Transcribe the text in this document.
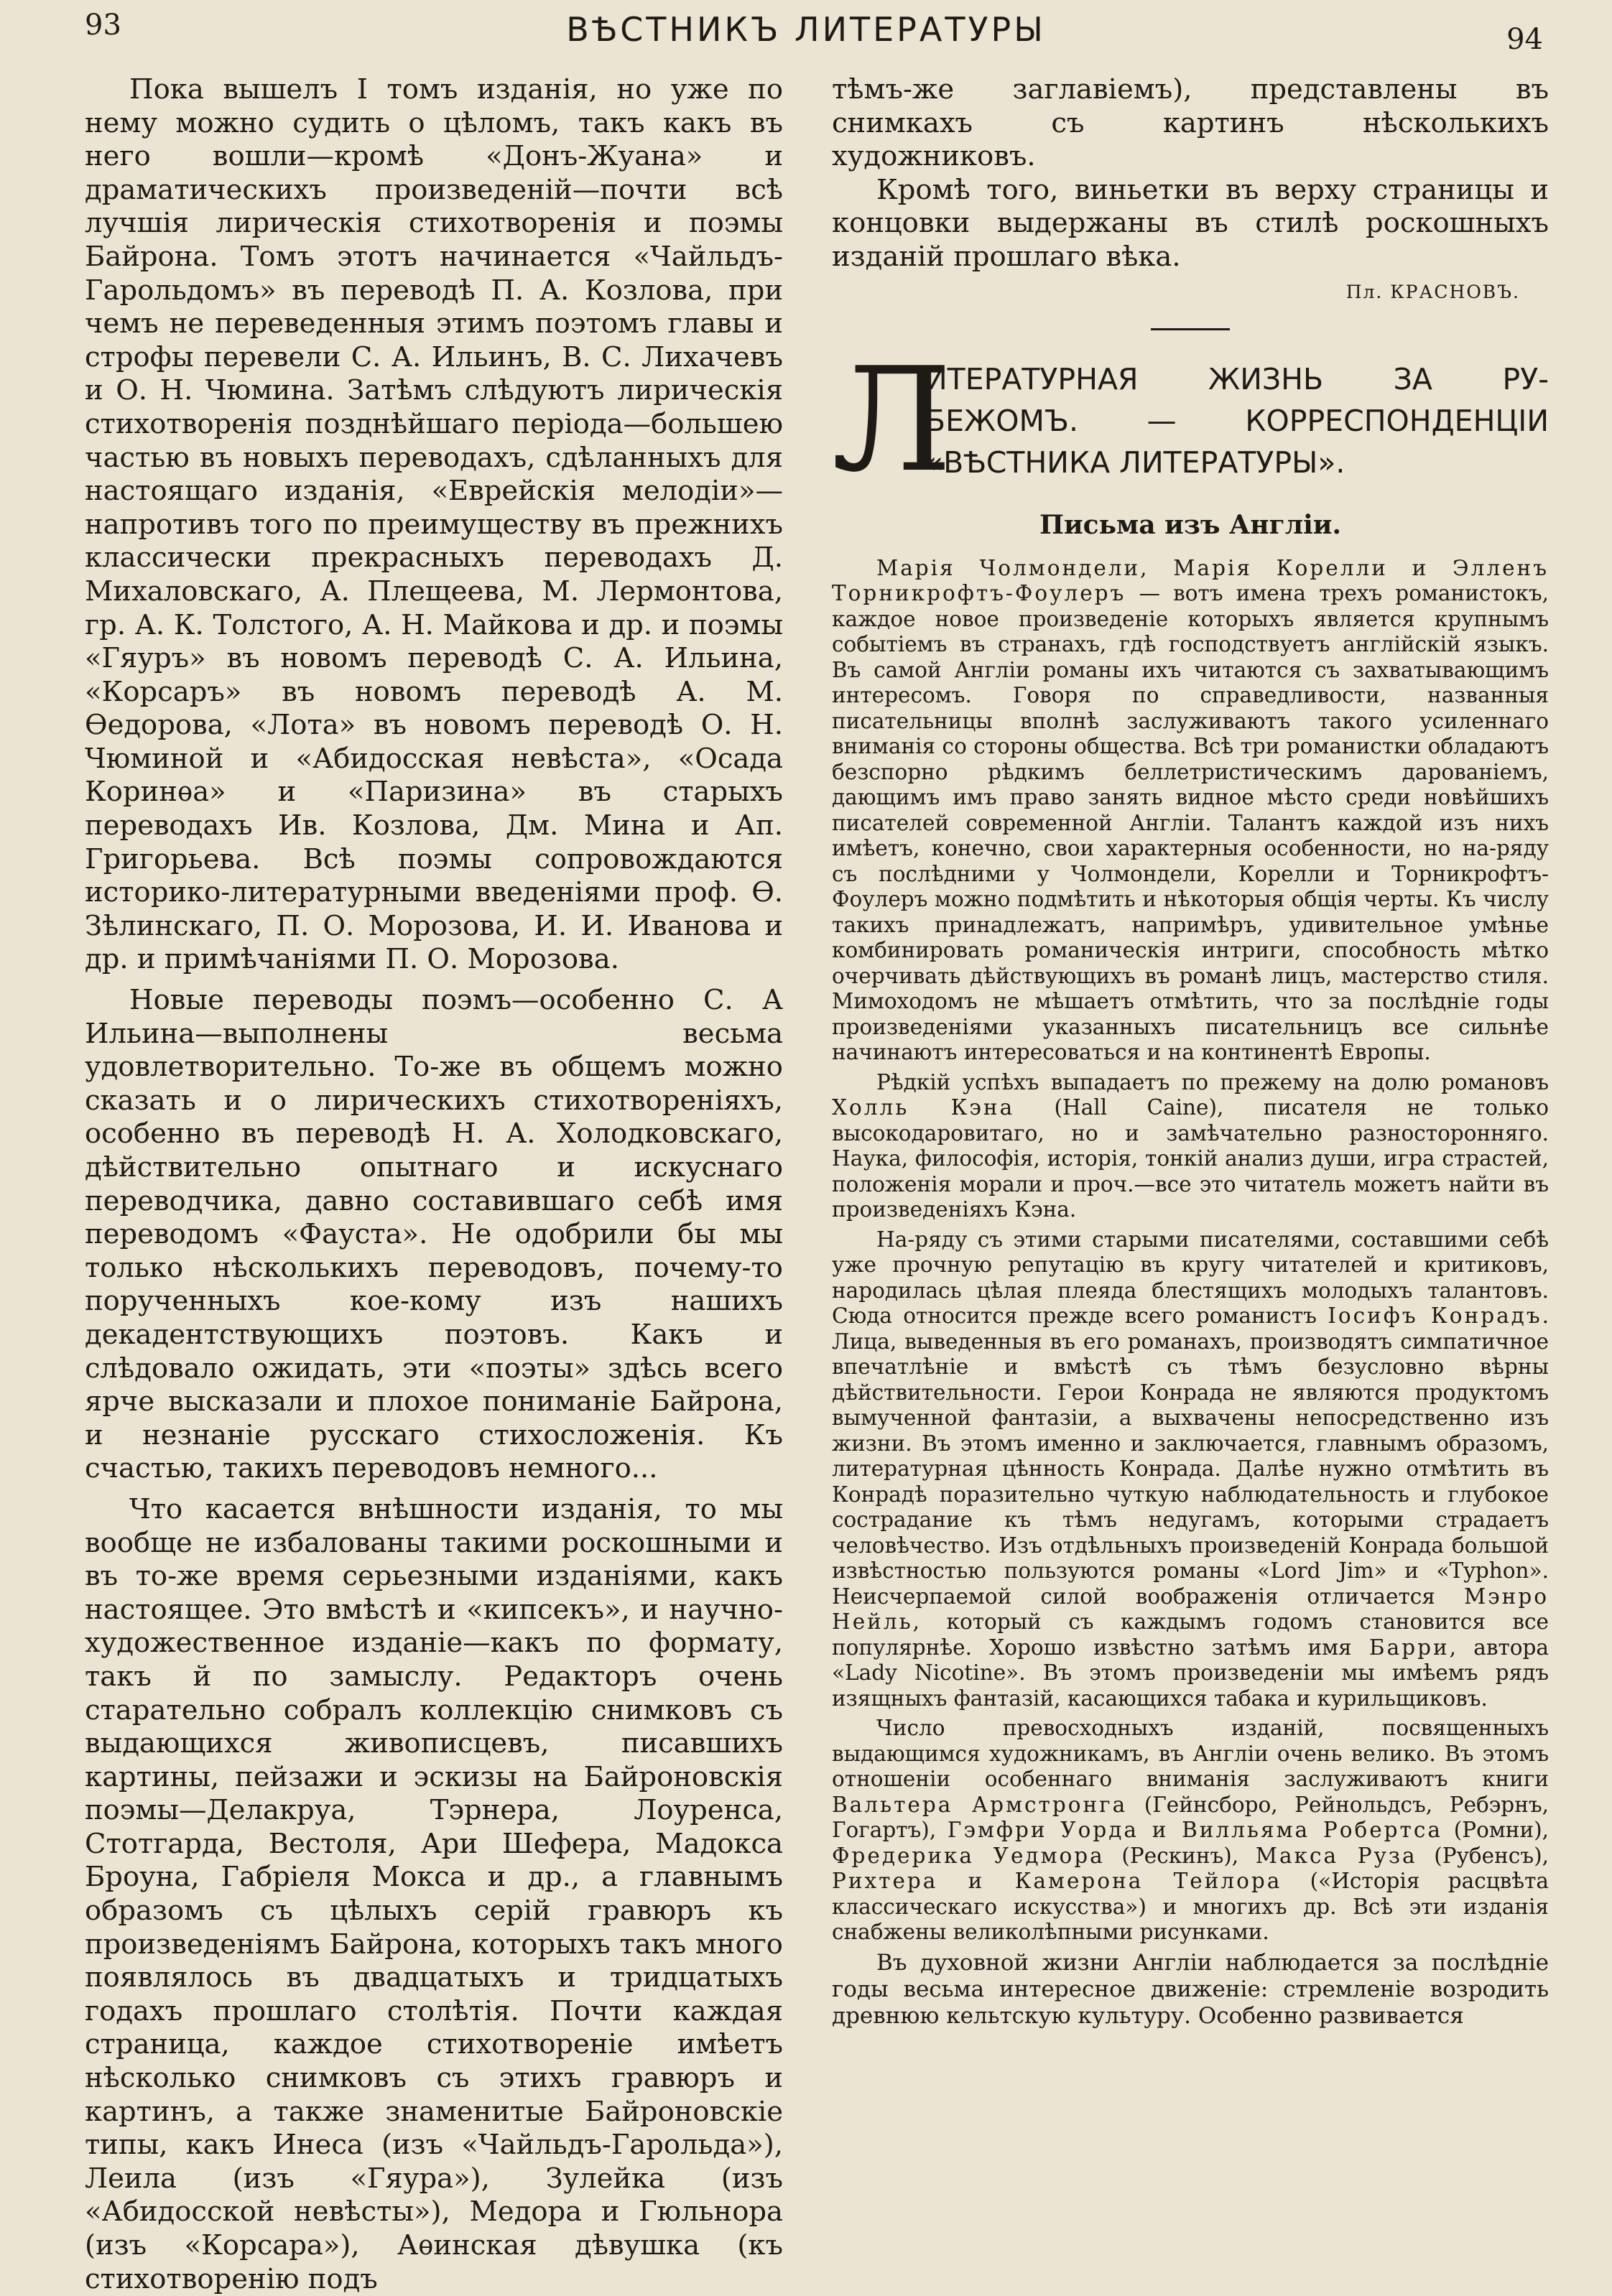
93	ВѢСТНИКЪ ЛИТЕРАТУРЫ	94

Пока вышелъ I томъ изданія, но уже по нему можно судить о цѣломъ, такъ какъ въ него вошли—кромѣ «Донъ-Жуана» и драматическихъ произведеній—почти всѣ лучшія лирическія стихотворенія и поэмы Байрона. Томъ этотъ начинается «Чайльдъ-Гарольдомъ» въ переводѣ П. А. Козлова, при чемъ не переведенныя этимъ поэтомъ главы и строфы перевели С. А. Ильинъ, В. С. Лихачевъ и О. Н. Чюмина. Затѣмъ слѣдуютъ лирическія стихотворенія позднѣйшаго періода—большею частью въ новыхъ переводахъ, сдѣланныхъ для настоящаго изданія, «Еврейскія мелодіи»—напротивъ того по преимуществу въ прежнихъ классически прекрасныхъ переводахъ Д. Михаловскаго, А. Плещеева, М. Лермонтова, гр. А. К. Толстого, А. Н. Майкова и др. и поэмы «Гяуръ» въ новомъ переводѣ С. А. Ильина, «Корсаръ» въ новомъ переводѣ А. М. Ѳедорова, «Лота» въ новомъ переводѣ О. Н. Чюминой и «Абидосская невѣста», «Осада Коринѳа» и «Паризина» въ старыхъ переводахъ Ив. Козлова, Дм. Мина и Ап. Григорьева. Всѣ поэмы сопровождаются историко-литературными введеніями проф. Ѳ. Зѣлинскаго, П. О. Морозова, И. И. Иванова и др. и примѣчаніями П. О. Морозова.

Новые переводы поэмъ—особенно С. А Ильина—выполнены весьма удовлетворительно. То-же въ общемъ можно сказать и о лирическихъ стихотвореніяхъ, особенно въ переводѣ Н. А. Холодковскаго, дѣйствительно опытнаго и искуснаго переводчика, давно составившаго себѣ имя переводомъ «Фауста». Не одобрили бы мы только нѣсколькихъ переводовъ, почему-то порученныхъ кое-кому изъ нашихъ декадентствующихъ поэтовъ. Какъ и слѣдовало ожидать, эти «поэты» здѣсь всего ярче высказали и плохое пониманіе Байрона, и незнаніе русскаго стихосложенія. Къ счастью, такихъ переводовъ немного...

Что касается внѣшности изданія, то мы вообще не избалованы такими роскошными и въ то-же время серьезными изданіями, какъ настоящее. Это вмѣстѣ и «кипсекъ», и научно-художественное изданіе—какъ по формату, такъ й по замыслу. Редакторъ очень старательно собралъ коллекцію снимковъ съ выдающихся живописцевъ, писавшихъ картины, пейзажи и эскизы на Байроновскія поэмы—Делакруа, Тэрнера, Лоуренса, Стотгарда, Вестоля, Ари Шефера, Мадокса Броуна, Габріеля Мокса и др., а главнымъ образомъ съ цѣлыхъ серій гравюръ къ произведеніямъ Байрона, которыхъ такъ много появлялось въ двадцатыхъ и тридцатыхъ годахъ прошлаго столѣтія. Почти каждая страница, каждое стихотвореніе имѣетъ нѣсколько снимковъ съ этихъ гравюръ и картинъ, а также знаменитые Байроновскіе типы, какъ Инеса (изъ «Чайльдъ-Гарольда»), Леила (изъ «Гяура»), Зулейка (изъ «Абидосской невѣсты»), Медора и Гюльнора (изъ «Корсара»), Аѳинская дѣвушка (къ стихотворенію подъ

тѣмъ-же заглавіемъ), представлены въ снимкахъ съ картинъ нѣсколькихъ художниковъ.

Кромѣ того, виньетки въ верху страницы и концовки выдержаны въ стилѣ роскошныхъ изданій прошлаго вѣка.

Пл. КРАСНОВЪ.
Л
ИТЕРАТУРНАЯ ЖИЗНЬ ЗА РУ-
БЕЖОМЪ. — КОРРЕСПОНДЕНЦІИ
«ВѢСТНИКА ЛИТЕРАТУРЫ».
Письма изъ Англіи.

Марія Чолмондели, Марія Корелли и Элленъ Торникрофтъ-Фоулеръ — вотъ имена трехъ романистокъ, каждое новое произведеніе которыхъ является крупнымъ событіемъ въ странахъ, гдѣ господствуетъ англійскій языкъ. Въ самой Англіи романы ихъ читаются съ захватывающимъ интересомъ. Говоря по справедливости, названныя писательницы вполнѣ заслуживаютъ такого усиленнаго вниманія со стороны общества. Всѣ три романистки обладаютъ безспорно рѣдкимъ беллетристическимъ дарованіемъ, дающимъ имъ право занять видное мѣсто среди новѣйшихъ писателей современной Англіи. Талантъ каждой изъ нихъ имѣетъ, конечно, свои характерныя особенности, но на-ряду съ послѣдними у Чолмондели, Корелли и Торникрофтъ-Фоулеръ можно подмѣтить и нѣкоторыя общія черты. Къ числу такихъ принадлежатъ, напримѣръ, удивительное умѣнье комбинировать романическія интриги, способность мѣтко очерчивать дѣйствующихъ въ романѣ лицъ, мастерство стиля. Мимоходомъ не мѣшаетъ отмѣтить, что за послѣдніе годы произведеніями указанныхъ писательницъ все сильнѣе начинаютъ интересоваться и на континентѣ Европы.

Рѣдкій успѣхъ выпадаетъ по прежему на долю романовъ Холль Кэна (Hall Caine), писателя не только высокодаровитаго, но и замѣчательно разносторонняго. Наука, философія, исторія, тонкій анализ души, игра страстей, положенія морали и проч.—все это читатель можетъ найти въ произведеніяхъ Кэна.

На-ряду съ этими старыми писателями, составшими себѣ уже прочную репутацію въ кругу читателей и критиковъ, народилась цѣлая плеяда блестящихъ молодыхъ талантовъ. Сюда относится прежде всего романистъ Іосифъ Конрадъ. Лица, выведенныя въ его романахъ, производятъ симпатичное впечатлѣніе и вмѣстѣ съ тѣмъ безусловно вѣрны дѣйствительности. Герои Конрада не являются продуктомъ вымученной фантазіи, а выхвачены непосредственно изъ жизни. Въ этомъ именно и заключается, главнымъ образомъ, литературная цѣнность Конрада. Далѣе нужно отмѣтить въ Конрадѣ поразительно чуткую наблюдательность и глубокое сострадание къ тѣмъ недугамъ, которыми страдаетъ человѣчество. Изъ отдѣльныхъ произведеній Конрада большой извѣстностью пользуются романы «Lord Jim» и «Typhon». Неисчерпаемой силой воображенія отличается Мэнро Нейль, который съ каждымъ годомъ становится все популярнѣе. Хорошо извѣстно затѣмъ имя Барри, автора «Lady Nicotine». Въ этомъ произведеніи мы имѣемъ рядъ изящныхъ фантазій, касающихся табака и курильщиковъ.

Число превосходныхъ изданій, посвященныхъ выдающимся художникамъ, въ Англіи очень велико. Въ этомъ отношеніи особеннаго вниманія заслуживаютъ книги Вальтера Армстронга (Гейнсборо, Рейнольдсъ, Ребэрнъ, Гогартъ), Гэмфри Уорда и Вилльяма Робертса (Ромни), Фредерика Уедмора (Рескинъ), Макса Руза (Рубенсъ), Рихтера и Камерона Тейлора («Исторія расцвѣта классическаго искусства») и многихъ др. Всѣ эти изданія снабжены великолѣпными рисунками.

Въ духовной жизни Англіи наблюдается за послѣдніе годы весьма интересное движеніе: стремленіе возродить древнюю кельтскую культуру. Особенно развивается
